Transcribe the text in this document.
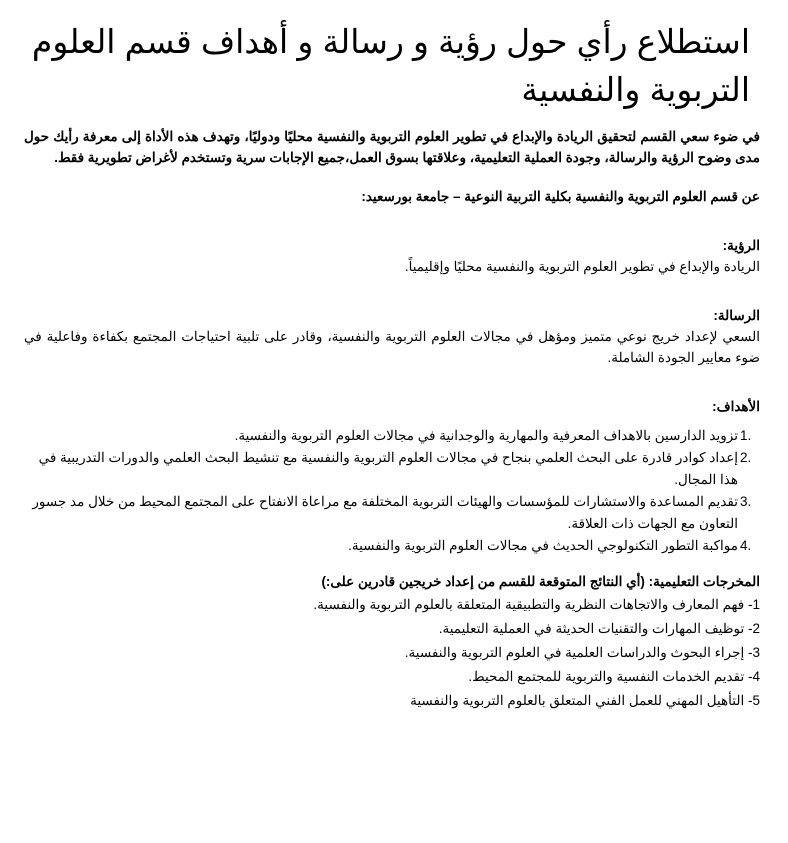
استطلاع رأي حول رؤية و رسالة و أهداف قسم العلوم التربوية والنفسية

في ضوء سعي القسم لتحقيق الريادة والإبداع في تطوير العلوم التربوية والنفسية محليًا ودوليًا، وتهدف هذه الأداة إلى معرفة رأيك حول مدى وضوح الرؤية والرسالة، وجودة العملية التعليمية، وعلاقتها بسوق العمل،جميع الإجابات سرية وتستخدم لأغراض تطويرية فقط.

عن قسم العلوم التربوية والنفسية بكلية التربية النوعية – جامعة بورسعيد:

الرؤية:

الريادة والإبداع في تطوير العلوم التربوية والنفسية محليًا وإقليمياً.

الرسالة:

السعي لإعداد خريج نوعي متميز ومؤهل في مجالات العلوم التربوية والنفسية، وقادر على تلبية احتياجات المجتمع بكفاءة وفاعلية في ضوء معايير الجودة الشاملة.

الأهداف:

1.
تزويد الدارسين بالاهداف المعرفية والمهارية والوجدانية في مجالات العلوم التربوية والنفسية.
2.
إعداد كوادر قادرة على البحث العلمي بنجاح في مجالات العلوم التربوية والنفسية مع تنشيط البحث العلمي والدورات التدريبية في هذا المجال.
3.
تقديم المساعدة والاستشارات للمؤسسات والهيئات التربوية المختلفة مع مراعاة الانفتاح على المجتمع المحيط من خلال مد جسور التعاون مع الجهات ذات العلاقة.
4.
مواكبة التطور التكنولوجي الحديث في مجالات العلوم التربوية والنفسية.

المخرجات التعليمية: (أي النتائج المتوقعة للقسم من إعداد خريجين قادرين على:)

1- فهم المعارف والاتجاهات النظرية والتطبيقية المتعلقة بالعلوم التربوية والنفسية.
2- توظيف المهارات والتقنيات الحديثة في العملية التعليمية.
3- إجراء البحوث والدراسات العلمية في العلوم التربوية والنفسية.
4- تقديم الخدمات النفسية والتربوية للمجتمع المحيط.
5- التأهيل المهني للعمل الفني المتعلق بالعلوم التربوية والنفسية
